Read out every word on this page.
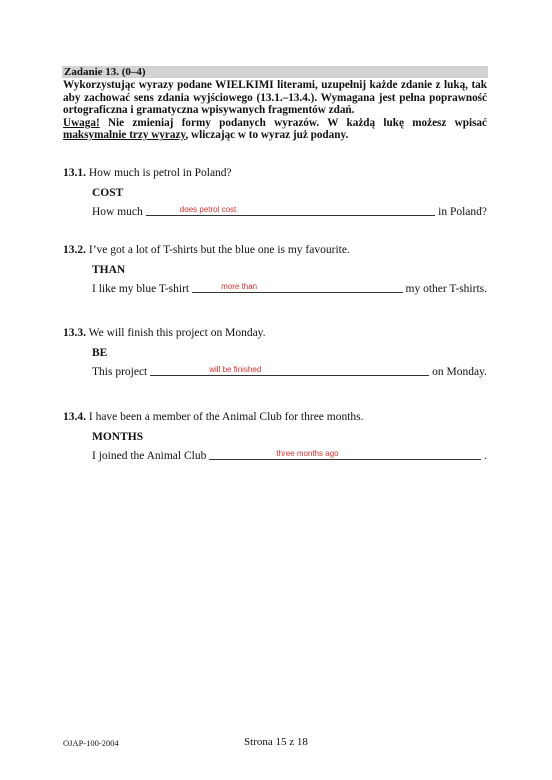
Zadanie 13. (0–4)

Wykorzystując wyrazy podane WIELKIMI literami, uzupełnij każde zdanie z luką, tak aby zachować sens zdania wyjściowego (13.1.–13.4.). Wymagana jest pełna poprawność ortograficzna i gramatyczna wpisywanych fragmentów zdań.

Uwaga! Nie zmieniaj formy podanych wyrazów. W każdą lukę możesz wpisać maksymalnie trzy wyrazy, wliczając w to wyraz już podany.

13.1. How much is petrol in Poland?
COST
How much	does petrol cost	in Poland?
13.2. I’ve got a lot of T-shirts but the blue one is my favourite.
THAN
I like my blue T-shirt	more than	my other T-shirts.
13.3. We will finish this project on Monday.
BE
This project	will be finished	on Monday.
13.4. I have been a member of the Animal Club for three months.
MONTHS
I joined the Animal Club	three months ago	.
OJAP-100-2004	Strona 15 z 18
